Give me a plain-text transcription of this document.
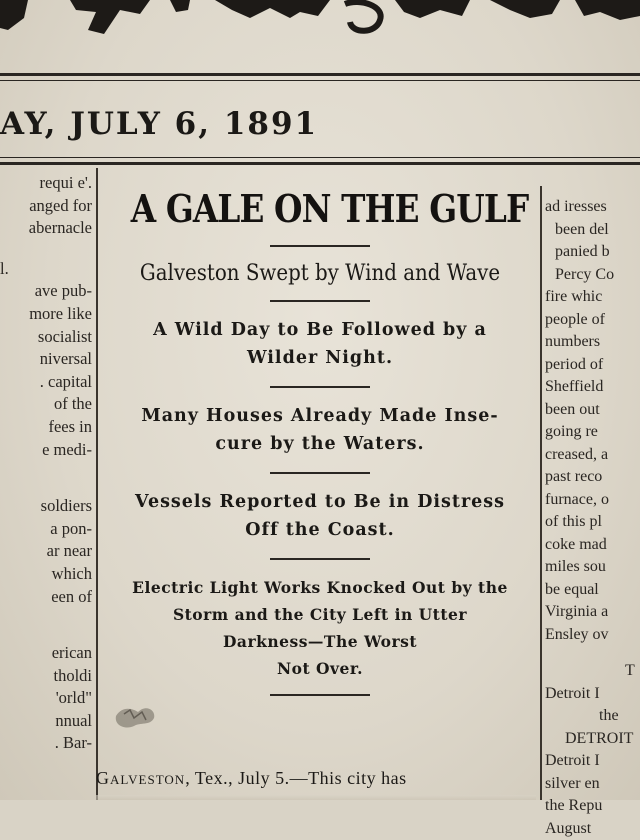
AY, JULY 6, 1891
requi e'.
anged for
abernacle
l.
ave pub-
more like
socialist
niversal
. capital
of the
fees in
e medi-
soldiers
a pon-
ar near
which
een of
erican
tholdi
'orld"
nnual
. Bar-
ad iresses
been del
panied b
Percy Co
fire whic
people of
numbers
period of
Sheffield
been out
going re
creased, a
past reco
furnace, o
of this pl
coke mad
miles sou
be equal
Virginia a
Ensley ov
T
Detroit I
the
DETROIT
Detroit I
silver en
the Repu
August
A GALE ON THE GULF
Galveston Swept by Wind and Wave
A Wild Day to Be Followed by a
Wilder Night.
Many Houses Already Made Inse-
cure by the Waters.
Vessels Reported to Be in Distress
Off the Coast.
Electric Light Works Knocked Out by the
Storm and the City Left in Utter
Darkness—The Worst
Not Over.
Galveston, Tex., July 5.—This city has
